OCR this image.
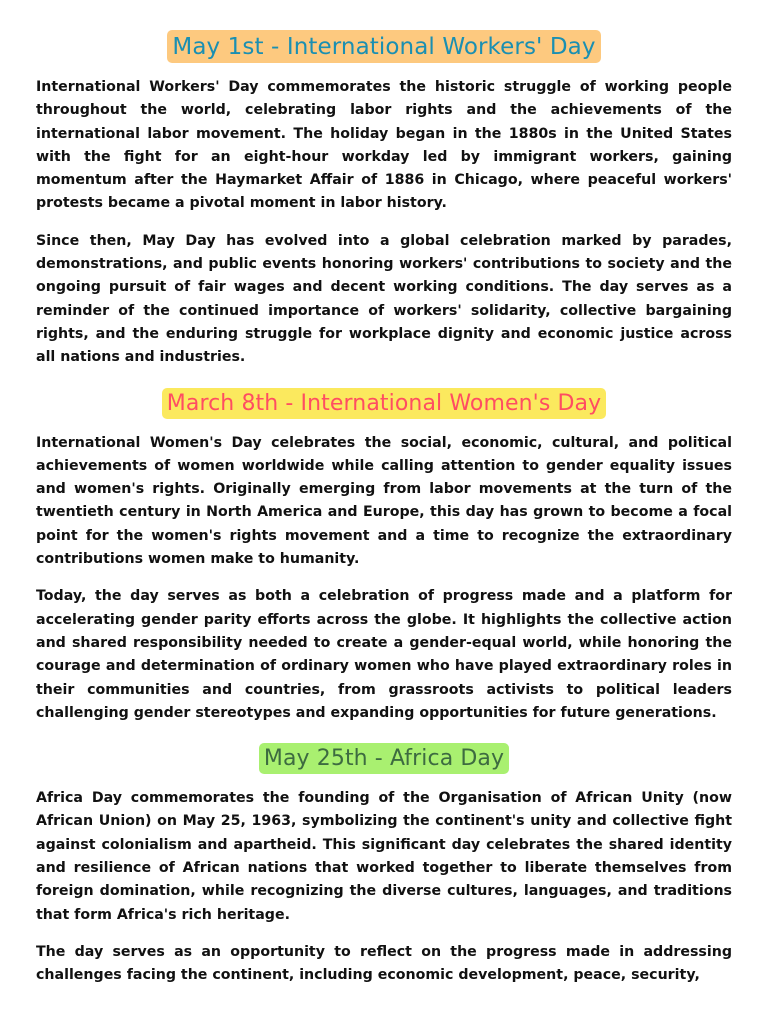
May 1st - International Workers' Day

International Workers' Day commemorates the historic struggle of working people throughout the world, celebrating labor rights and the achievements of the international labor movement. The holiday began in the 1880s in the United States with the fight for an eight-hour workday led by immigrant workers, gaining momentum after the Haymarket Affair of 1886 in Chicago, where peaceful workers' protests became a pivotal moment in labor history.

Since then, May Day has evolved into a global celebration marked by parades, demonstrations, and public events honoring workers' contributions to society and the ongoing pursuit of fair wages and decent working conditions. The day serves as a reminder of the continued importance of workers' solidarity, collective bargaining rights, and the enduring struggle for workplace dignity and economic justice across all nations and industries.

March 8th - International Women's Day

International Women's Day celebrates the social, economic, cultural, and political achievements of women worldwide while calling attention to gender equality issues and women's rights. Originally emerging from labor movements at the turn of the twentieth century in North America and Europe, this day has grown to become a focal point for the women's rights movement and a time to recognize the extraordinary contributions women make to humanity.

Today, the day serves as both a celebration of progress made and a platform for accelerating gender parity efforts across the globe. It highlights the collective action and shared responsibility needed to create a gender-equal world, while honoring the courage and determination of ordinary women who have played extraordinary roles in their communities and countries, from grassroots activists to political leaders challenging gender stereotypes and expanding opportunities for future generations.

May 25th - Africa Day

Africa Day commemorates the founding of the Organisation of African Unity (now African Union) on May 25, 1963, symbolizing the continent's unity and collective fight against colonialism and apartheid. This significant day celebrates the shared identity and resilience of African nations that worked together to liberate themselves from foreign domination, while recognizing the diverse cultures, languages, and traditions that form Africa's rich heritage.

The day serves as an opportunity to reflect on the progress made in addressing challenges facing the continent, including economic development, peace, security,
